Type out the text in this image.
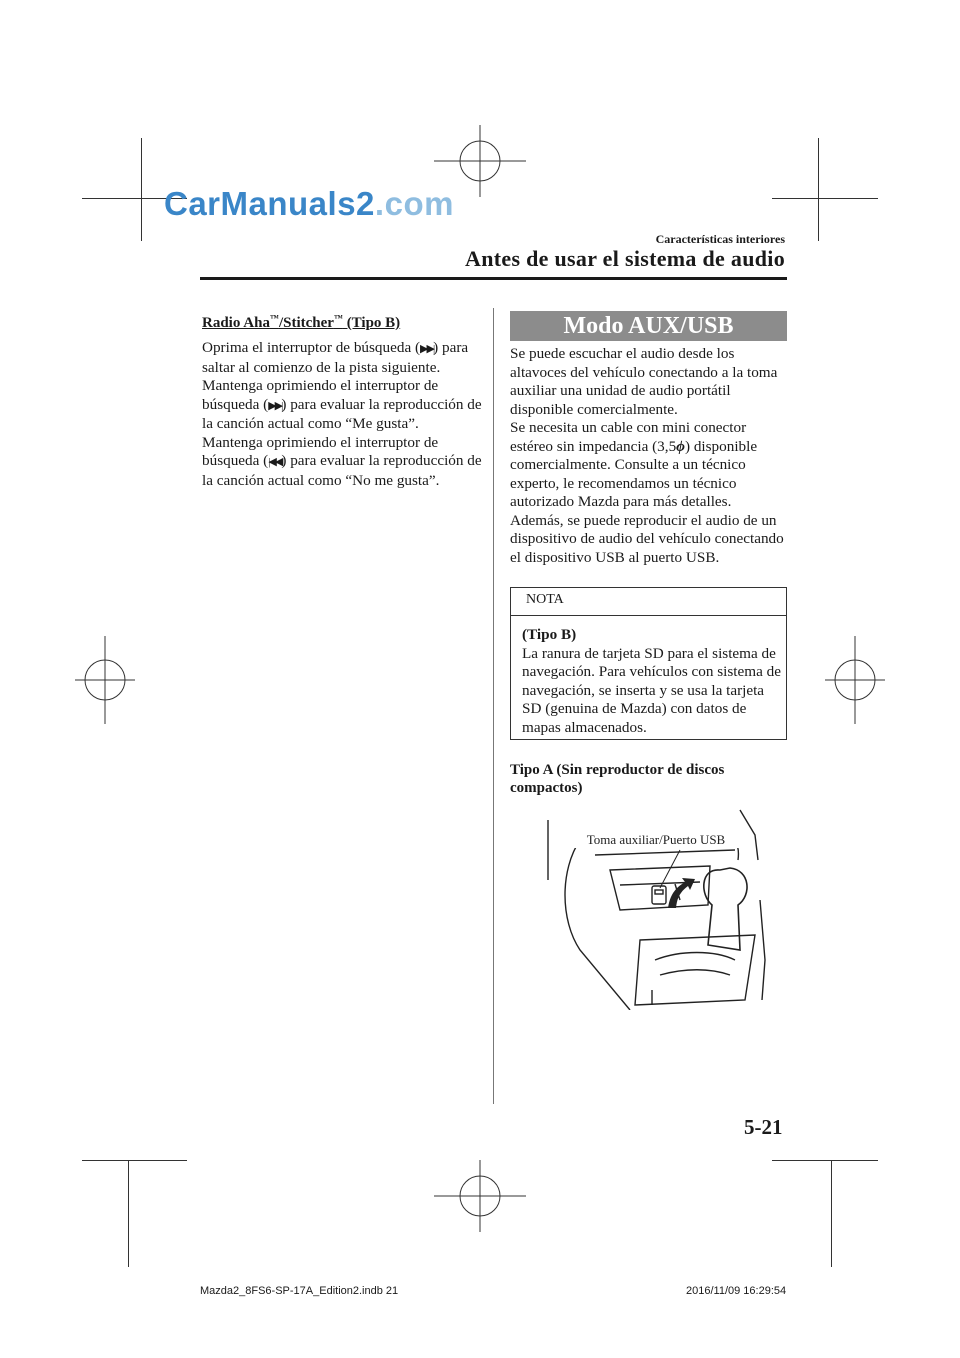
CarManuals2.com
Características interiores
Antes de usar el sistema de audio
Radio Aha™/Stitcher™ (Tipo B)
Oprima el interruptor de búsqueda (▶▶|) para saltar al comienzo de la pista siguiente.
Mantenga oprimiendo el interruptor de búsqueda (▶▶|) para evaluar la reproducción de la canción actual como “Me gusta”.
Mantenga oprimiendo el interruptor de búsqueda (|◀◀) para evaluar la reproducción de la canción actual como “No me gusta”.
Modo AUX/USB
Se puede escuchar el audio desde los altavoces del vehículo conectando a la toma auxiliar una unidad de audio portátil disponible comercialmente.
Se necesita un cable con mini conector estéreo sin impedancia (3,5ϕ) disponible comercialmente. Consulte a un técnico experto, le recomendamos un técnico autorizado Mazda para más detalles.
Además, se puede reproducir el audio de un dispositivo de audio del vehículo conectando el dispositivo USB al puerto USB.
NOTA
(Tipo B)
La ranura de tarjeta SD para el sistema de navegación. Para vehículos con sistema de navegación, se inserta y se usa la tarjeta SD (genuina de Mazda) con datos de mapas almacenados.
Tipo A (Sin reproductor de discos compactos)
Toma auxiliar/Puerto USB
5-21
Mazda2_8FS6-SP-17A_Edition2.indb 21	2016/11/09 16:29:54
